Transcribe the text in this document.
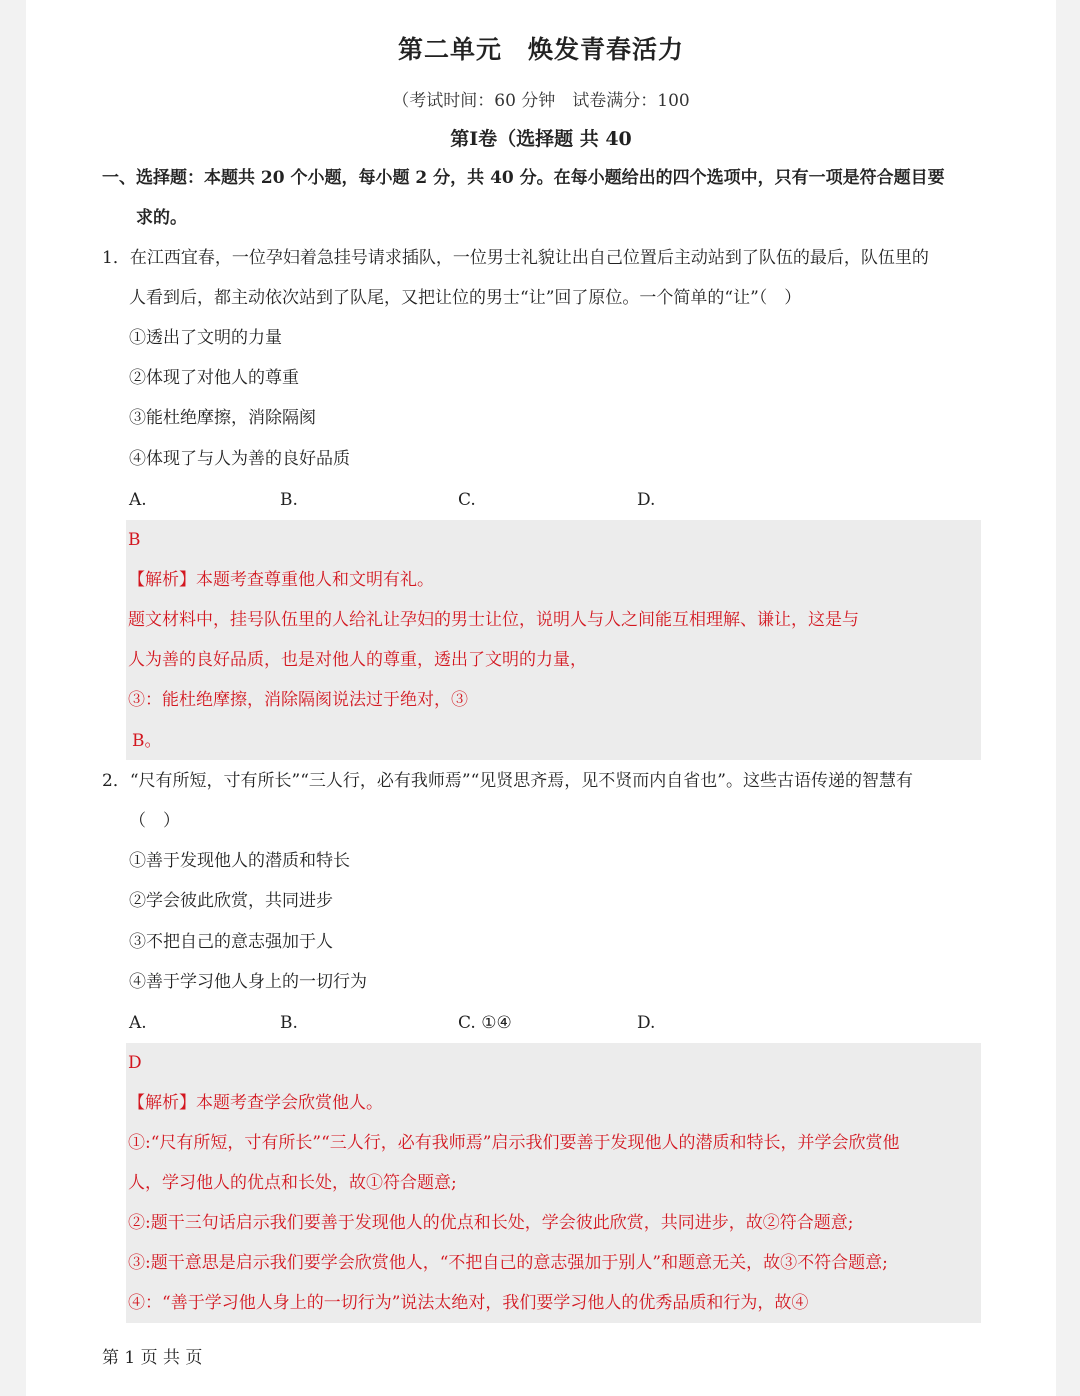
第二单元　焕发青春活力
（考试时间：60 分钟　试卷满分：100
第Ⅰ卷（选择题 共 40
一、选择题：本题共 20 个小题，每小题 2 分，共 40 分。在每小题给出的四个选项中，只有一项是符合题目要
求的。
1．在江西宜春，一位孕妇着急挂号请求插队，一位男士礼貌让出自己位置后主动站到了队伍的最后，队伍里的
人看到后，都主动依次站到了队尾，又把让位的男士“让”回了原位。一个简单的“让”（　）
①透出了文明的力量
②体现了对他人的尊重
③能杜绝摩擦，消除隔阂
④体现了与人为善的良好品质
A.	B.	C.	D.
B
【解析】本题考查尊重他人和文明有礼。
题文材料中，挂号队伍里的人给礼让孕妇的男士让位，说明人与人之间能互相理解、谦让，这是与
人为善的良好品质，也是对他人的尊重，透出了文明的力量，
③：能杜绝摩擦，消除隔阂说法过于绝对，③
B。
2．“尺有所短，寸有所长”“三人行，必有我师焉”“见贤思齐焉，见不贤而内自省也”。这些古语传递的智慧有
（　）
①善于发现他人的潜质和特长
②学会彼此欣赏，共同进步
③不把自己的意志强加于人
④善于学习他人身上的一切行为
A.	B.	C. ①④	D.
D
【解析】本题考查学会欣赏他人。
①:“尺有所短，寸有所长”“三人行，必有我师焉”启示我们要善于发现他人的潜质和特长，并学会欣赏他
人，学习他人的优点和长处，故①符合题意;
②:题干三句话启示我们要善于发现他人的优点和长处，学会彼此欣赏，共同进步，故②符合题意;
③:题干意思是启示我们要学会欣赏他人，“不把自己的意志强加于别人”和题意无关，故③不符合题意;
④：“善于学习他人身上的一切行为”说法太绝对，我们要学习他人的优秀品质和行为，故④
第 1 页 共 页
